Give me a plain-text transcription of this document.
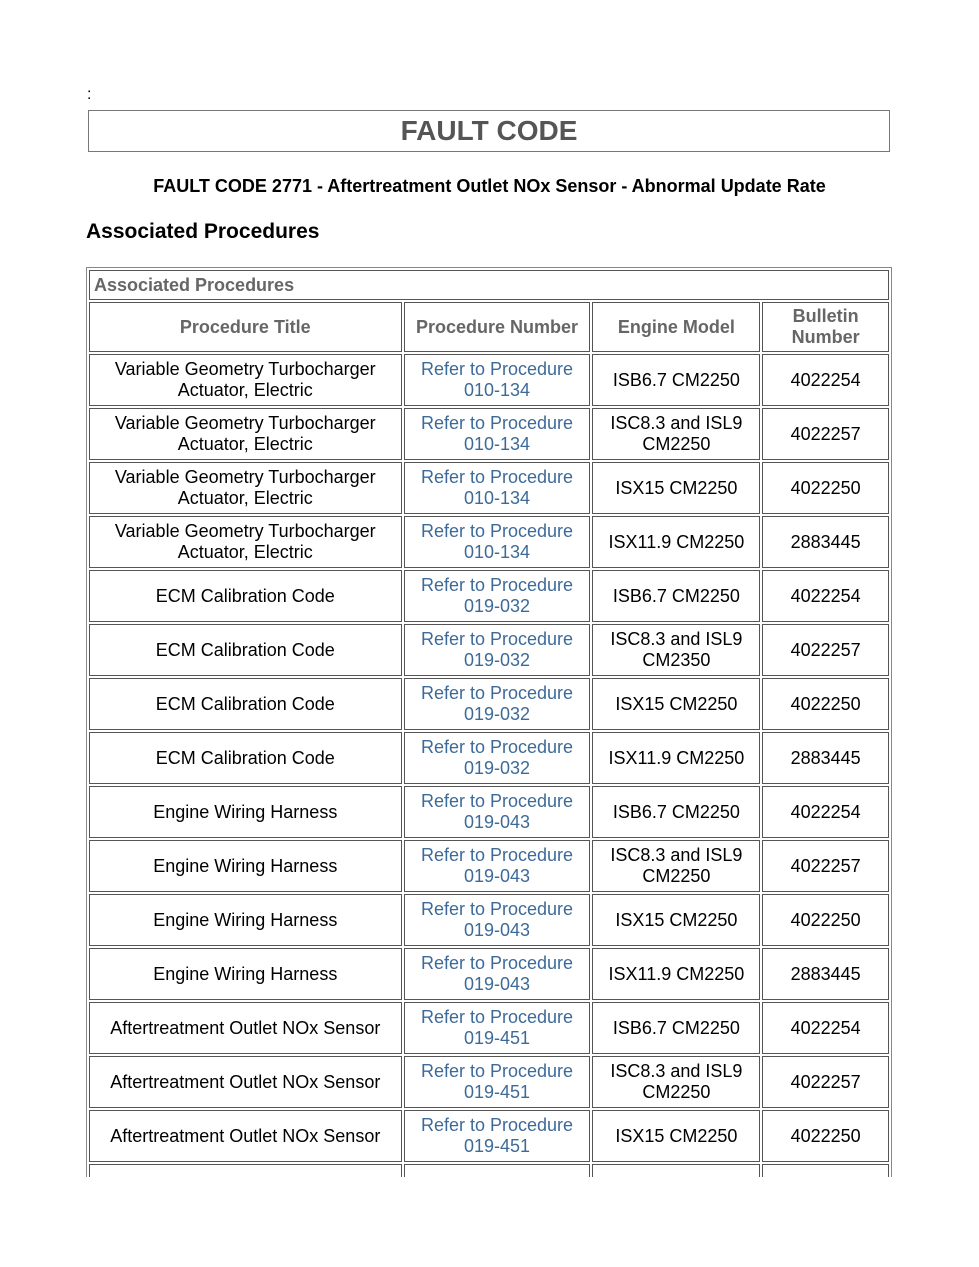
:
FAULT CODE
FAULT CODE 2771 - Aftertreatment Outlet NOx Sensor - Abnormal Update Rate
Associated Procedures
Associated Procedures			
Procedure Title	Procedure Number	Engine Model	Bulletin Number
Variable Geometry Turbocharger Actuator, Electric	Refer to Procedure 010-134	ISB6.7 CM2250	4022254
Variable Geometry Turbocharger Actuator, Electric	Refer to Procedure 010-134	ISC8.3 and ISL9 CM2250	4022257
Variable Geometry Turbocharger Actuator, Electric	Refer to Procedure 010-134	ISX15 CM2250	4022250
Variable Geometry Turbocharger Actuator, Electric	Refer to Procedure 010-134	ISX11.9 CM2250	2883445
ECM Calibration Code	Refer to Procedure 019-032	ISB6.7 CM2250	4022254
ECM Calibration Code	Refer to Procedure 019-032	ISC8.3 and ISL9 CM2350	4022257
ECM Calibration Code	Refer to Procedure 019-032	ISX15 CM2250	4022250
ECM Calibration Code	Refer to Procedure 019-032	ISX11.9 CM2250	2883445
Engine Wiring Harness	Refer to Procedure 019-043	ISB6.7 CM2250	4022254
Engine Wiring Harness	Refer to Procedure 019-043	ISC8.3 and ISL9 CM2250	4022257
Engine Wiring Harness	Refer to Procedure 019-043	ISX15 CM2250	4022250
Engine Wiring Harness	Refer to Procedure 019-043	ISX11.9 CM2250	2883445
Aftertreatment Outlet NOx Sensor	Refer to Procedure 019-451	ISB6.7 CM2250	4022254
Aftertreatment Outlet NOx Sensor	Refer to Procedure 019-451	ISC8.3 and ISL9 CM2250	4022257
Aftertreatment Outlet NOx Sensor	Refer to Procedure 019-451	ISX15 CM2250	4022250
